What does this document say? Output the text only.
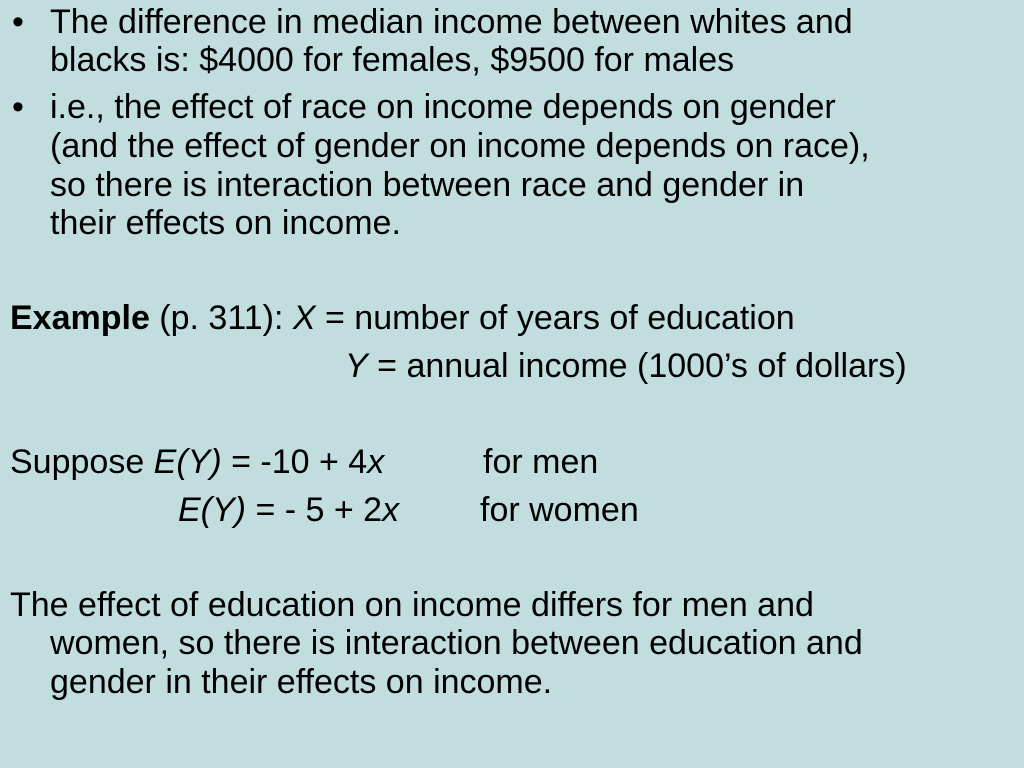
• The difference in median income between whites and
blacks is: $4000 for females, $9500 for males
• i.e., the effect of race on income depends on gender
(and the effect of gender on income depends on race),
so there is interaction between race and gender in
their effects on income.
Example (p. 311): X = number of years of education
Y = annual income (1000’s of dollars)
Suppose E(Y) = -10 + 4x	for men
E(Y) = - 5 + 2x for women
The effect of education on income differs for men and
women, so there is interaction between education and
gender in their effects on income.
